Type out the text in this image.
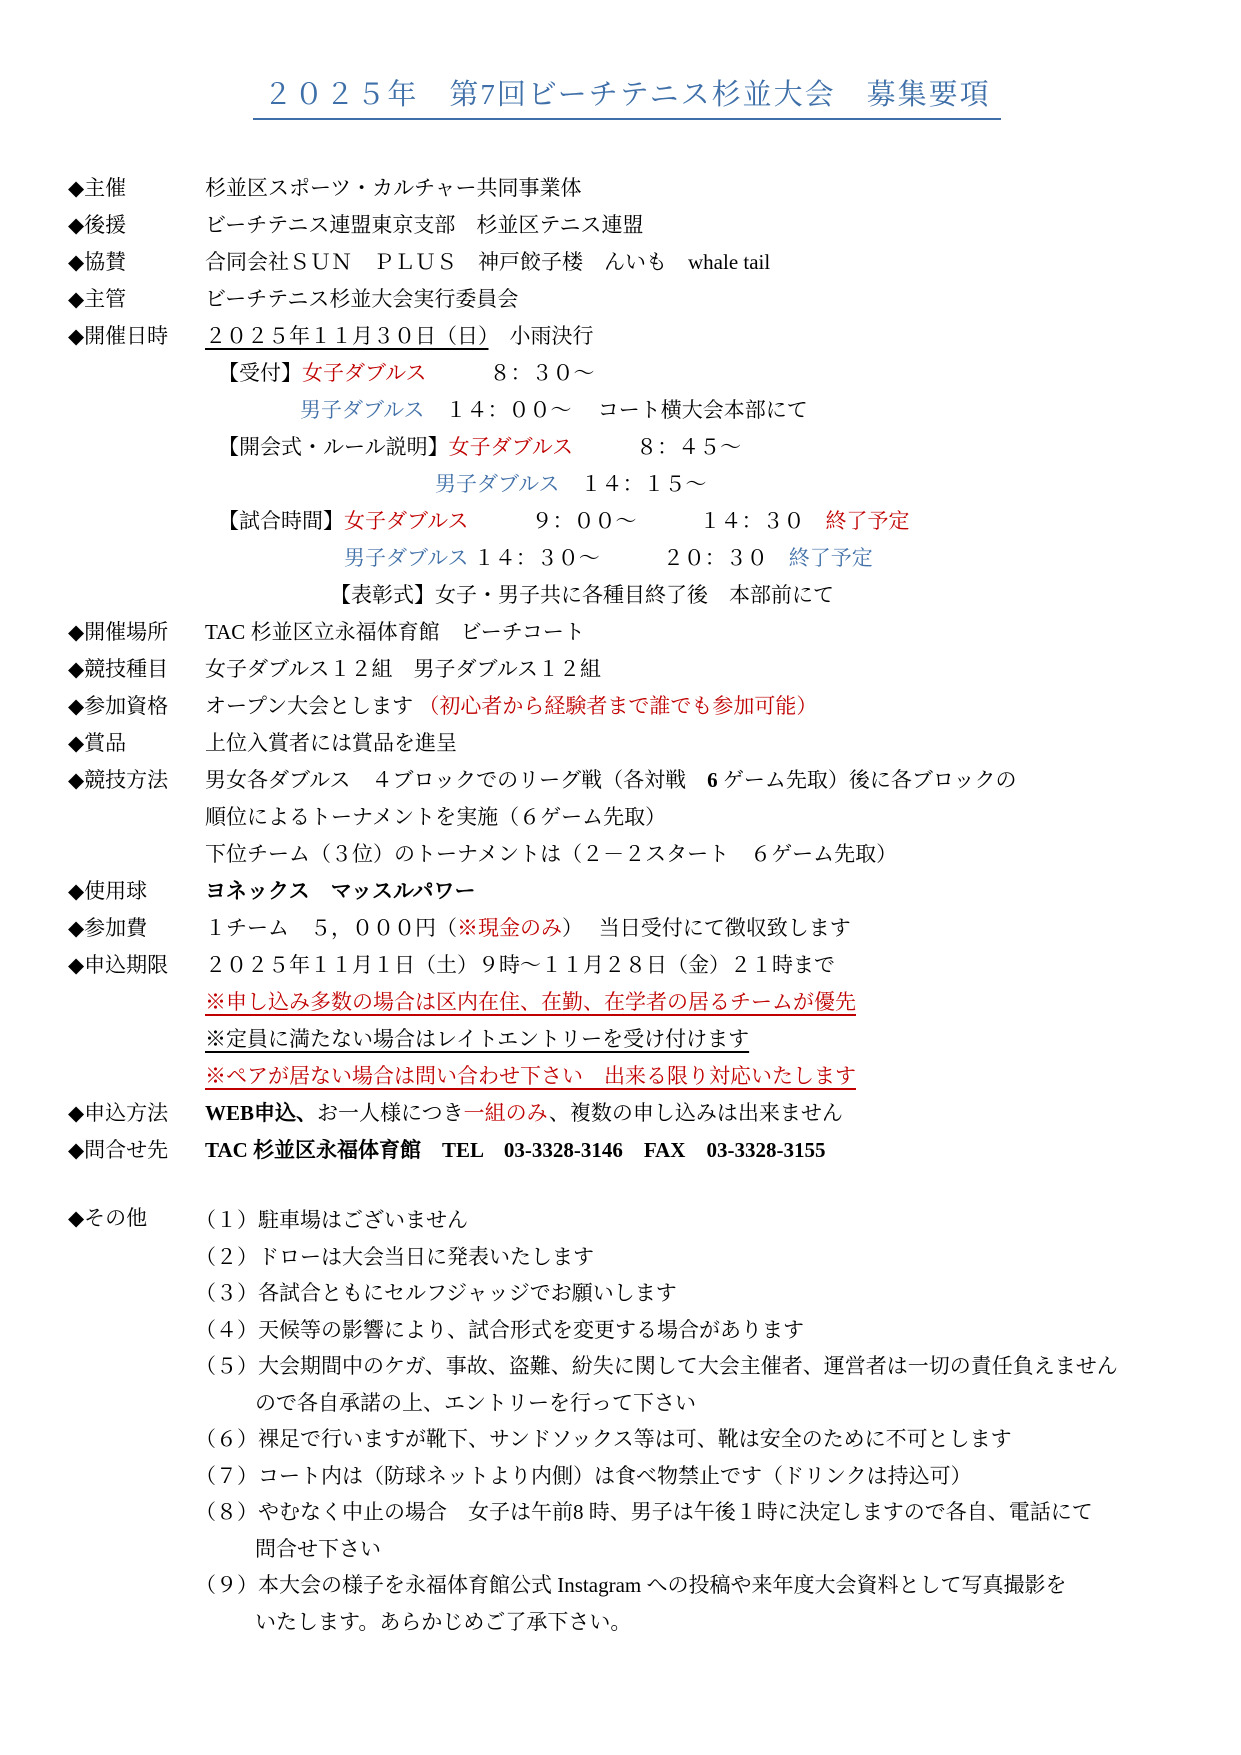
２０２５年　第7回ビーチテニス杉並大会　募集要項
◆主催	杉並区スポーツ・カルチャー共同事業体
◆後援	ビーチテニス連盟東京支部　杉並区テニス連盟
◆協賛	合同会社ＳＵＮ　ＰＬＵＳ　神戸餃子楼　んいも　whale tail
◆主管	ビーチテニス杉並大会実行委員会
◆開催日時	２０２５年１１月３０日（日）　小雨決行
【受付】女子ダブルス　　　８：３０～
男子ダブルス　１４：００～　 コート横大会本部にて
【開会式・ルール説明】女子ダブルス　　　８：４５～
男子ダブルス　１４：１５～
【試合時間】女子ダブルス　　　９：００～　　　１４：３０　終了予定
男子ダブルス １４：３０～　　　２０：３０　終了予定
【表彰式】女子・男子共に各種目終了後　本部前にて
◆開催場所	TAC 杉並区立永福体育館　ビーチコート
◆競技種目	女子ダブルス１２組　男子ダブルス１２組
◆参加資格	オープン大会とします （初心者から経験者まで誰でも参加可能）
◆賞品	上位入賞者には賞品を進呈
◆競技方法	男女各ダブルス　４ブロックでのリーグ戦（各対戦　6 ゲーム先取）後に各ブロックの
順位によるトーナメントを実施（６ゲーム先取）
下位チーム（３位）のトーナメントは（２－２スタート　６ゲーム先取）
◆使用球	ヨネックス　マッスルパワー
◆参加費	１チーム　５，０００円（※現金のみ）　 当日受付にて徴収致します
◆申込期限	２０２５年１１月１日（土）９時～１１月２８日（金）２１時まで
※申し込み多数の場合は区内在住、在勤、在学者の居るチームが優先
※定員に満たない場合はレイトエントリーを受け付けます
※ペアが居ない場合は問い合わせ下さい　出来る限り対応いたします
◆申込方法	WEB申込、お一人様につき一組のみ、複数の申し込みは出来ません
◆問合せ先	TAC 杉並区永福体育館　TEL　03-3328-3146　FAX　03-3328-3155
◆その他	（１）駐車場はございません
（２）ドローは大会当日に発表いたします
（３）各試合ともにセルフジャッジでお願いします
（４）天候等の影響により、試合形式を変更する場合があります
（５）大会期間中のケガ、事故、盗難、紛失に関して大会主催者、運営者は一切の責任負えません
ので各自承諾の上、エントリーを行って下さい
（６）裸足で行いますが靴下、サンドソックス等は可、靴は安全のために不可とします
（７）コート内は（防球ネットより内側）は食べ物禁止です（ドリンクは持込可）
（８）やむなく中止の場合　女子は午前8 時、男子は午後１時に決定しますので各自、電話にて
問合せ下さい
（９）本大会の様子を永福体育館公式 Instagram への投稿や来年度大会資料として写真撮影を
いたします。あらかじめご了承下さい。
